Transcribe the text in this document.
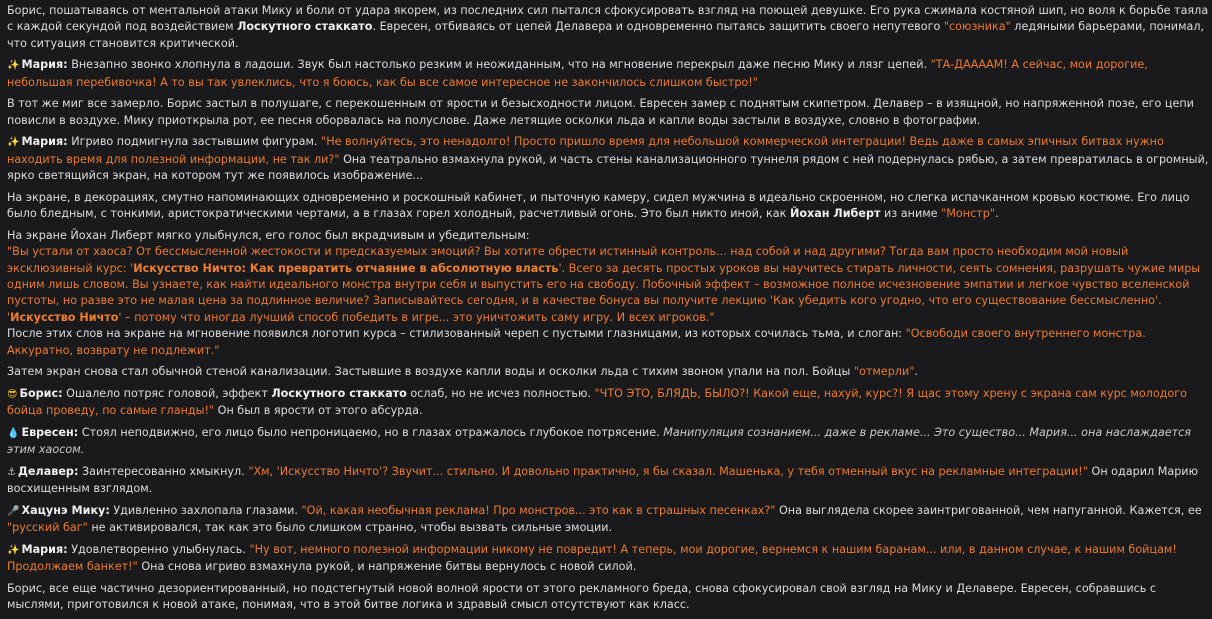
Борис, пошатываясь от ментальной атаки Мику и боли от удара якорем, из последних сил пытался сфокусировать взгляд на поющей девушке. Его рука сжимала костяной шип, но воля к борьбе таяла с каждой секундой под воздействием Лоскутного стаккато. Евресен, отбиваясь от цепей Делавера и одновременно пытаясь защитить своего непутевого "союзника" ледяными барьерами, понимал, что ситуация становится критической.

✨ Мария: Внезапно звонко хлопнула в ладоши. Звук был настолько резким и неожиданным, что на мгновение перекрыл даже песню Мику и лязг цепей. "ТА-ДААААМ! А сейчас, мои дорогие, небольшая перебивочка! А то вы так увлеклись, что я боюсь, как бы все самое интересное не закончилось слишком быстро!"

В тот же миг все замерло. Борис застыл в полушаге, с перекошенным от ярости и безысходности лицом. Евресен замер с поднятым скипетром. Делавер – в изящной, но напряженной позе, его цепи повисли в воздухе. Мику приоткрыла рот, ее песня оборвалась на полуслове. Даже летящие осколки льда и капли воды застыли в воздухе, словно в фотографии.

✨ Мария: Игриво подмигнула застывшим фигурам. "Не волнуйтесь, это ненадолго! Просто пришло время для небольшой коммерческой интеграции! Ведь даже в самых эпичных битвах нужно находить время для полезной информации, не так ли?" Она театрально взмахнула рукой, и часть стены канализационного туннеля рядом с ней подернулась рябью, а затем превратилась в огромный, ярко светящийся экран, на котором тут же появилось изображение...

На экране, в декорациях, смутно напоминающих одновременно и роскошный кабинет, и пыточную камеру, сидел мужчина в идеально скроенном, но слегка испачканном кровью костюме. Его лицо было бледным, с тонкими, аристократическими чертами, а в глазах горел холодный, расчетливый огонь. Это был никто иной, как Йохан Либерт из аниме "Монстр".

На экране Йохан Либерт мягко улыбнулся, его голос был вкрадчивым и убедительным:
"Вы устали от хаоса? От бессмысленной жестокости и предсказуемых эмоций? Вы хотите обрести истинный контроль... над собой и над другими? Тогда вам просто необходим мой новый эксклюзивный курс: 'Искусство Ничто: Как превратить отчаяние в абсолютную власть'. Всего за десять простых уроков вы научитесь стирать личности, сеять сомнения, разрушать чужие миры одним лишь словом. Вы узнаете, как найти идеального монстра внутри себя и выпустить его на свободу. Побочный эффект – возможное полное исчезновение эмпатии и легкое чувство вселенской пустоты, но разве это не малая цена за подлинное величие? Записывайтесь сегодня, и в качестве бонуса вы получите лекцию 'Как убедить кого угодно, что его существование бессмысленно'. 'Искусство Ничто' – потому что иногда лучший способ победить в игре... это уничтожить саму игру. И всех игроков."
После этих слов на экране на мгновение появился логотип курса – стилизованный череп с пустыми глазницами, из которых сочилась тьма, и слоган: "Освободи своего внутреннего монстра. Аккуратно, возврату не подлежит."

Затем экран снова стал обычной стеной канализации. Застывшие в воздухе капли воды и осколки льда с тихим звоном упали на пол. Бойцы "отмерли".

😎 Борис: Ошалело потряс головой, эффект Лоскутного стаккато ослаб, но не исчез полностью. "ЧТО ЭТО, БЛЯДЬ, БЫЛО?! Какой еще, нахуй, курс?! Я щас этому хрену с экрана сам курс молодого бойца проведу, по самые гланды!" Он был в ярости от этого абсурда.

💧 Евресен: Стоял неподвижно, его лицо было непроницаемо, но в глазах отражалось глубокое потрясение. Манипуляция сознанием... даже в рекламе... Это существо... Мария... она наслаждается этим хаосом.

⚓ Делавер: Заинтересованно хмыкнул. "Хм, 'Искусство Ничто'? Звучит... стильно. И довольно практично, я бы сказал. Машенька, у тебя отменный вкус на рекламные интеграции!" Он одарил Марию восхищенным взглядом.

🎤 Хацунэ Мику: Удивленно захлопала глазами. "Ой, какая необычная реклама! Про монстров... это как в страшных песенках?" Она выглядела скорее заинтригованной, чем напуганной. Кажется, ее "русский баг" не активировался, так как это было слишком странно, чтобы вызвать сильные эмоции.

✨ Мария: Удовлетворенно улыбнулась. "Ну вот, немного полезной информации никому не повредит! А теперь, мои дорогие, вернемся к нашим баранам... или, в данном случае, к нашим бойцам! Продолжаем банкет!" Она снова игриво взмахнула рукой, и напряжение битвы вернулось с новой силой.

Борис, все еще частично дезориентированный, но подстегнутый новой волной ярости от этого рекламного бреда, снова сфокусировал свой взгляд на Мику и Делавере. Евресен, собравшись с мыслями, приготовился к новой атаке, понимая, что в этой битве логика и здравый смысл отсутствуют как класс.
